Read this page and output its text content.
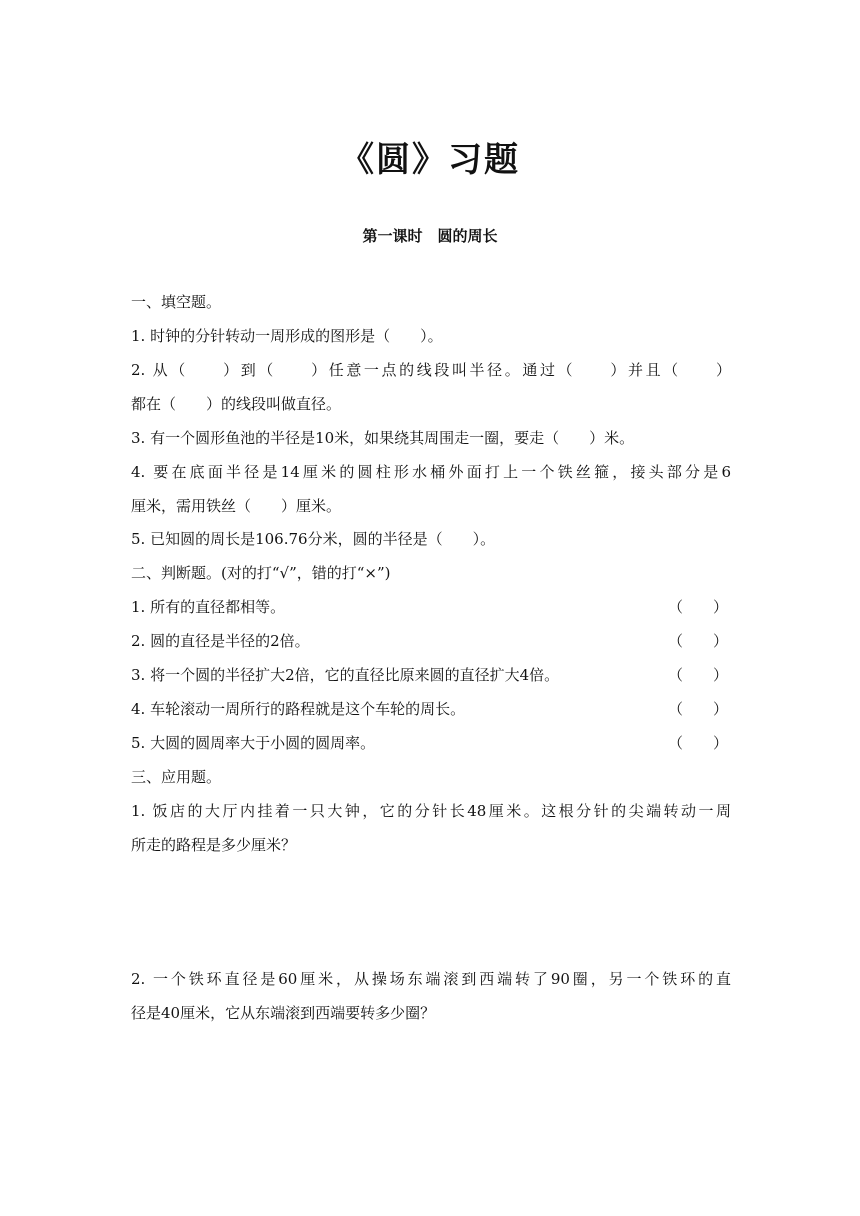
《圆》习题
第一课时　圆的周长
一、填空题。
1. 时钟的分针转动一周形成的图形是（　　）。
2. 从（　　）到（　　）任意一点的线段叫半径。通过（　　）并且（　　）
都在（　　）的线段叫做直径。
3. 有一个圆形鱼池的半径是10米，如果绕其周围走一圈，要走（　　）米。
4. 要在底面半径是14厘米的圆柱形水桶外面打上一个铁丝箍，接头部分是6
厘米，需用铁丝（　　）厘米。
5. 已知圆的周长是106.76分米，圆的半径是（　　）。
二、判断题。(对的打“√”，错的打“×”)
1. 所有的直径都相等。	（　　）
2. 圆的直径是半径的2倍。	（　　）
3. 将一个圆的半径扩大2倍，它的直径比原来圆的直径扩大4倍。	（　　）
4. 车轮滚动一周所行的路程就是这个车轮的周长。	（　　）
5. 大圆的圆周率大于小圆的圆周率。	（　　）
三、应用题。
1. 饭店的大厅内挂着一只大钟，它的分针长48厘米。这根分针的尖端转动一周
所走的路程是多少厘米？
2. 一个铁环直径是60厘米，从操场东端滚到西端转了90圈，另一个铁环的直
径是40厘米，它从东端滚到西端要转多少圈？
